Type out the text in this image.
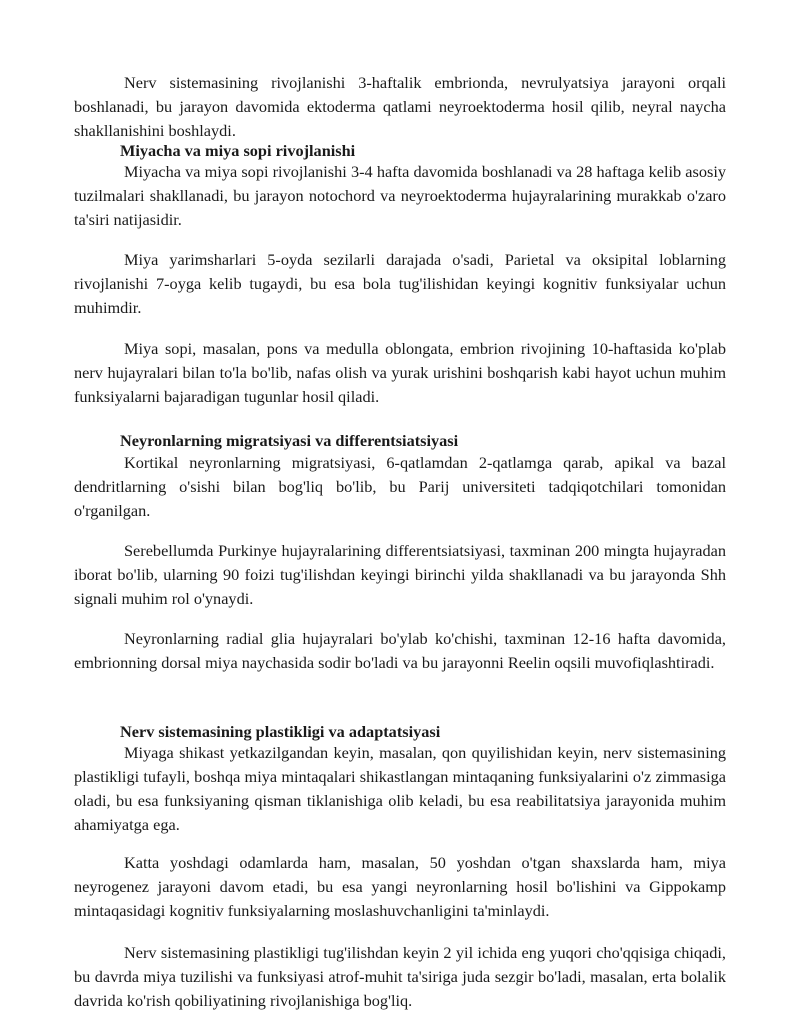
Nerv sistemasining rivojlanishi 3-haftalik embrionda, nevrulyatsiya jarayoni orqali boshlanadi, bu jarayon davomida ektoderma qatlami neyroektoderma hosil qilib, neyral naycha shakllanishini boshlaydi.

Miyacha va miya sopi rivojlanishi

Miyacha va miya sopi rivojlanishi 3-4 hafta davomida boshlanadi va 28 haftaga kelib asosiy tuzilmalari shakllanadi, bu jarayon notochord va neyroektoderma hujayralarining murakkab o'zaro ta'siri natijasidir.

Miya yarimsharlari 5-oyda sezilarli darajada o'sadi, Parietal va oksipital loblarning rivojlanishi 7-oyga kelib tugaydi, bu esa bola tug'ilishidan keyingi kognitiv funksiyalar uchun muhimdir.

Miya sopi, masalan, pons va medulla oblongata, embrion rivojining 10-haftasida ko'plab nerv hujayralari bilan to'la bo'lib, nafas olish va yurak urishini boshqarish kabi hayot uchun muhim funksiyalarni bajaradigan tugunlar hosil qiladi.

Neyronlarning migratsiyasi va differentsiatsiyasi

Kortikal neyronlarning migratsiyasi, 6-qatlamdan 2-qatlamga qarab, apikal va bazal dendritlarning o'sishi bilan bog'liq bo'lib, bu Parij universiteti tadqiqotchilari tomonidan o'rganilgan.

Serebellumda Purkinye hujayralarining differentsiatsiyasi, taxminan 200 mingta hujayradan iborat bo'lib, ularning 90 foizi tug'ilishdan keyingi birinchi yilda shakllanadi va bu jarayonda Shh signali muhim rol o'ynaydi.

Neyronlarning radial glia hujayralari bo'ylab ko'chishi, taxminan 12-16 hafta davomida, embrionning dorsal miya naychasida sodir bo'ladi va bu jarayonni Reelin oqsili muvofiqlashtiradi.

Nerv sistemasining plastikligi va adaptatsiyasi

Miyaga shikast yetkazilgandan keyin, masalan, qon quyilishidan keyin, nerv sistemasining plastikligi tufayli, boshqa miya mintaqalari shikastlangan mintaqaning funksiyalarini o'z zimmasiga oladi, bu esa funksiyaning qisman tiklanishiga olib keladi, bu esa reabilitatsiya jarayonida muhim ahamiyatga ega.

Katta yoshdagi odamlarda ham, masalan, 50 yoshdan o'tgan shaxslarda ham, miya neyrogenez jarayoni davom etadi, bu esa yangi neyronlarning hosil bo'lishini va Gippokamp mintaqasidagi kognitiv funksiyalarning moslashuvchanligini ta'minlaydi.

Nerv sistemasining plastikligi tug'ilishdan keyin 2 yil ichida eng yuqori cho'qqisiga chiqadi, bu davrda miya tuzilishi va funksiyasi atrof-muhit ta'siriga juda sezgir bo'ladi, masalan, erta bolalik davrida ko'rish qobiliyatining rivojlanishiga bog'liq.
